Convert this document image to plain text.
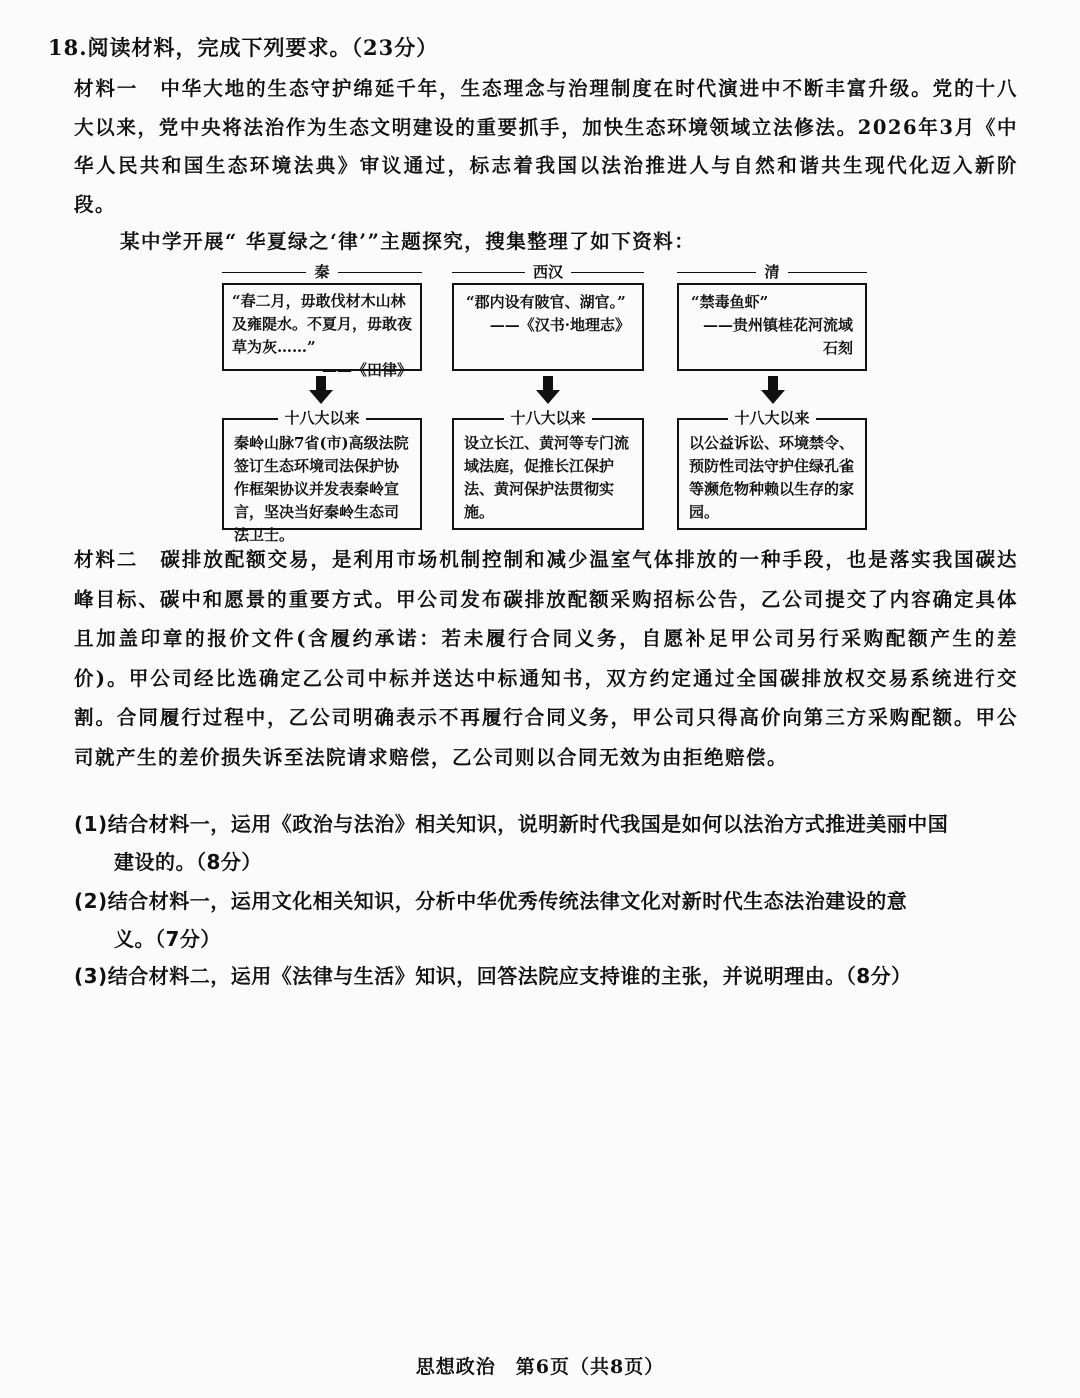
18.阅读材料，完成下列要求。（23分）
材料一 中华大地的生态守护绵延千年，生态理念与治理制度在时代演进中不断丰富升级。党的十八大以来，党中央将法治作为生态文明建设的重要抓手，加快生态环境领域立法修法。2026年3月《中华人民共和国生态环境法典》审议通过，标志着我国以法治推进人与自然和谐共生现代化迈入新阶段。
某中学开展“ 华夏绿之‘律’”主题探究，搜集整理了如下资料：
秦
“春二月，毋敢伐材木山林及雍隄水。不夏月，毋敢夜草为灰……”
——《田律》
十八大以来
秦岭山脉7省(市)高级法院签订生态环境司法保护协作框架协议并发表秦岭宣言，坚决当好秦岭生态司法卫士。
西汉
“郡内设有陂官、湖官。”
——《汉书·地理志》
十八大以来
设立长江、黄河等专门流域法庭，促推长江保护法、黄河保护法贯彻实施。
清
“禁毒鱼虾”
——贵州镇桂花河流域石刻
十八大以来
以公益诉讼、环境禁令、预防性司法守护住绿孔雀等濒危物种赖以生存的家园。
材料二 碳排放配额交易，是利用市场机制控制和减少温室气体排放的一种手段，也是落实我国碳达峰目标、碳中和愿景的重要方式。甲公司发布碳排放配额采购招标公告，乙公司提交了内容确定具体且加盖印章的报价文件(含履约承诺：若未履行合同义务，自愿补足甲公司另行采购配额产生的差价)。甲公司经比选确定乙公司中标并送达中标通知书，双方约定通过全国碳排放权交易系统进行交割。合同履行过程中，乙公司明确表示不再履行合同义务，甲公司只得高价向第三方采购配额。甲公司就产生的差价损失诉至法院请求赔偿，乙公司则以合同无效为由拒绝赔偿。
(1)结合材料一，运用《政治与法治》相关知识，说明新时代我国是如何以法治方式推进美丽中国
建设的。（8分）
(2)结合材料一，运用文化相关知识，分析中华优秀传统法律文化对新时代生态法治建设的意
义。（7分）
(3)结合材料二，运用《法律与生活》知识，回答法院应支持谁的主张，并说明理由。（8分）
思想政治　第6页（共8页）
